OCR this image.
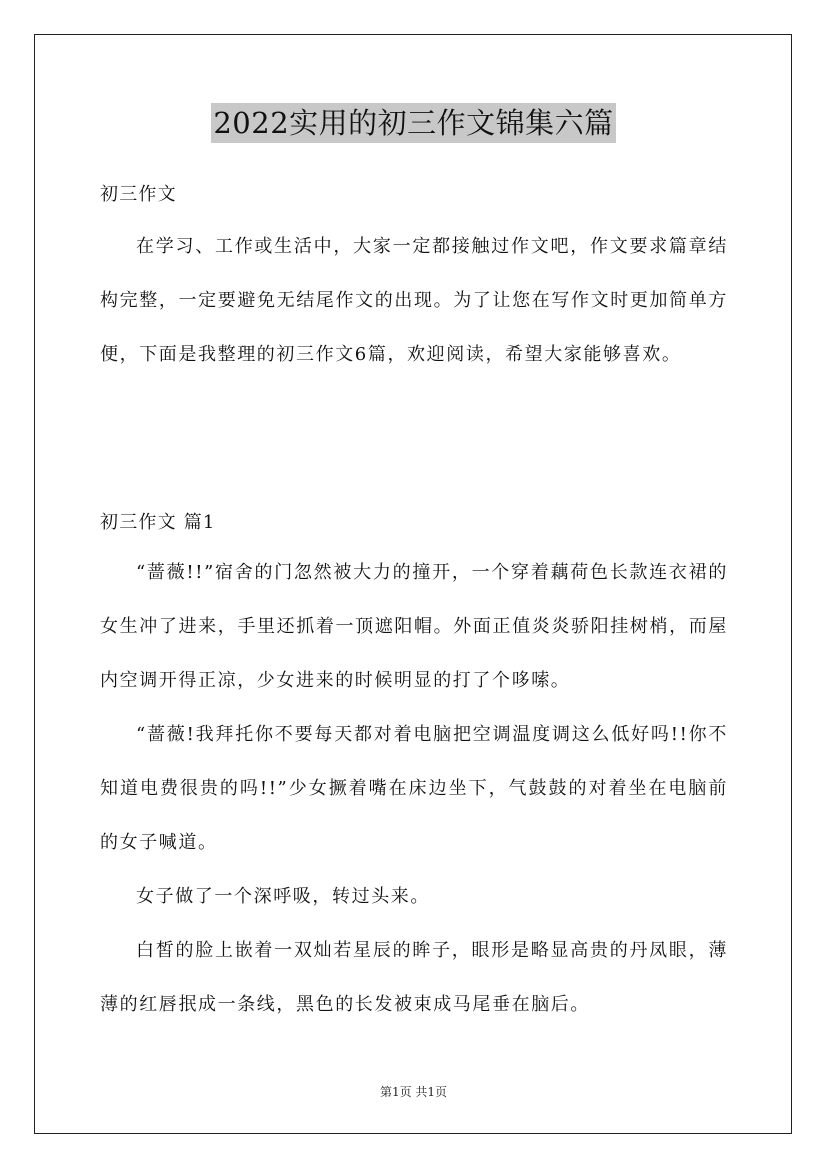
2022实用的初三作文锦集六篇
初三作文

在学习、工作或生活中，大家一定都接触过作文吧，作文要求篇章结构完整，一定要避免无结尾作文的出现。为了让您在写作文时更加简单方便，下面是我整理的初三作文6篇，欢迎阅读，希望大家能够喜欢。

初三作文 篇1

“蔷薇!!”宿舍的门忽然被大力的撞开，一个穿着藕荷色长款连衣裙的女生冲了进来，手里还抓着一顶遮阳帽。外面正值炎炎骄阳挂树梢，而屋内空调开得正凉，少女进来的时候明显的打了个哆嗦。

“蔷薇!我拜托你不要每天都对着电脑把空调温度调这么低好吗!!你不知道电费很贵的吗!!”少女撅着嘴在床边坐下，气鼓鼓的对着坐在电脑前的女子喊道。

女子做了一个深呼吸，转过头来。

白皙的脸上嵌着一双灿若星辰的眸子，眼形是略显高贵的丹凤眼，薄薄的红唇抿成一条线，黑色的长发被束成马尾垂在脑后。

第1页 共1页
